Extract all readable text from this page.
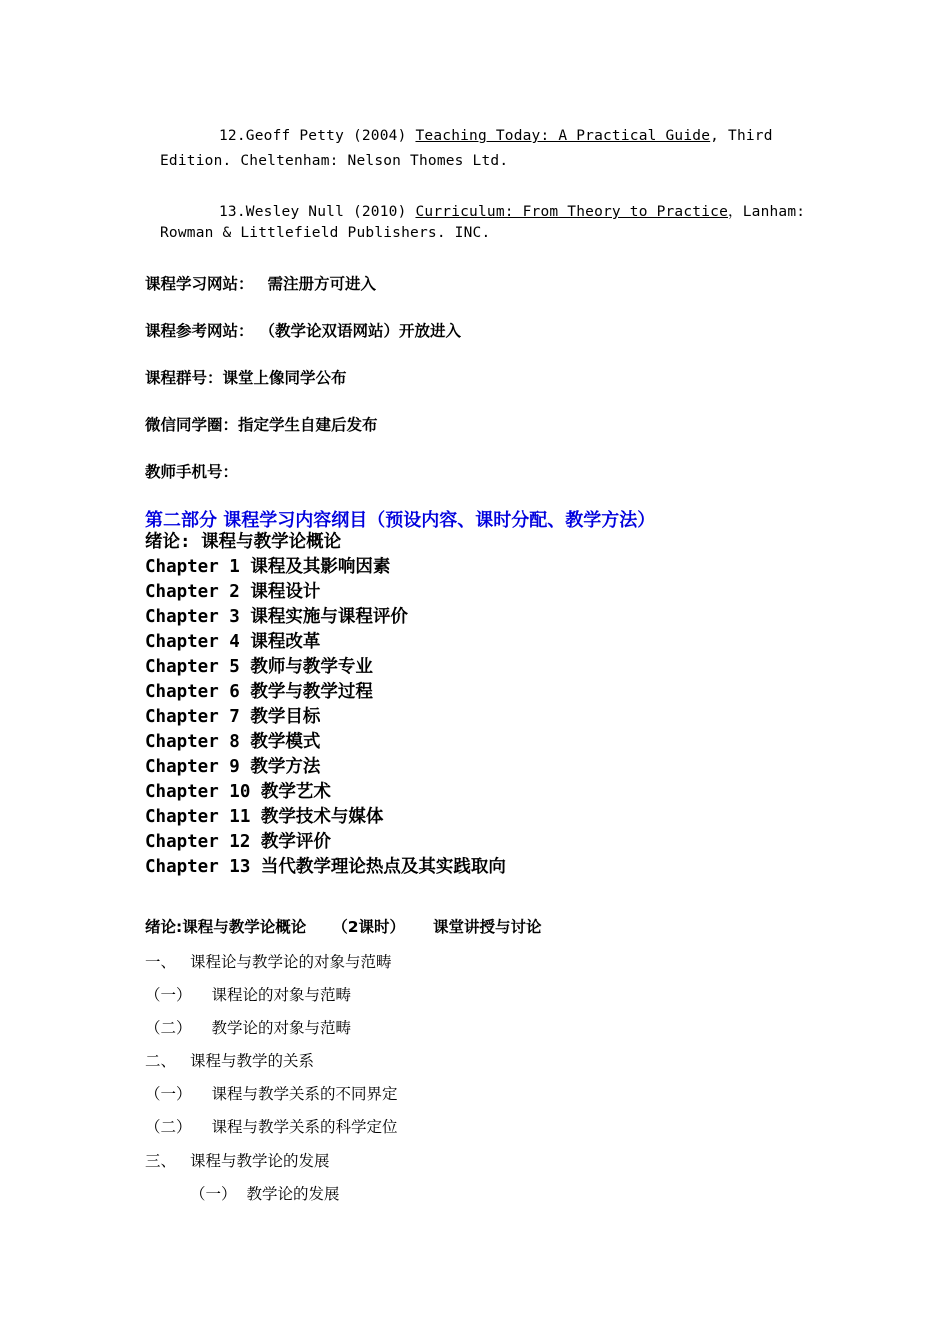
12.Geoff Petty (2004) Teaching Today: A Practical Guide, Third
Edition. Cheltenham: Nelson Thomes Ltd.
13.Wesley Null (2010) Curriculum: From Theory to Practice，Lanham:
Rowman & Littlefield Publishers. INC.
课程学习网站： 需注册方可进入
课程参考网站： （教学论双语网站）开放进入
课程群号：课堂上像同学公布
微信同学圈：指定学生自建后发布
教师手机号：
第二部分 课程学习内容纲目（预设内容、课时分配、教学方法）
绪论: 课程与教学论概论
Chapter 1 课程及其影响因素
Chapter 2 课程设计
Chapter 3 课程实施与课程评价
Chapter 4 课程改革
Chapter 5 教师与教学专业
Chapter 6 教学与教学过程
Chapter 7 教学目标
Chapter 8 教学模式
Chapter 9 教学方法
Chapter 10 教学艺术
Chapter 11 教学技术与媒体
Chapter 12 教学评价
Chapter 13 当代教学理论热点及其实践取向
绪论:课程与教学论概论 （2课时） 课堂讲授与讨论
一、 课程论与教学论的对象与范畴
（一） 课程论的对象与范畴
（二） 教学论的对象与范畴
二、 课程与教学的关系
（一） 课程与教学关系的不同界定
（二） 课程与教学关系的科学定位
三、 课程与教学论的发展
（一） 教学论的发展
